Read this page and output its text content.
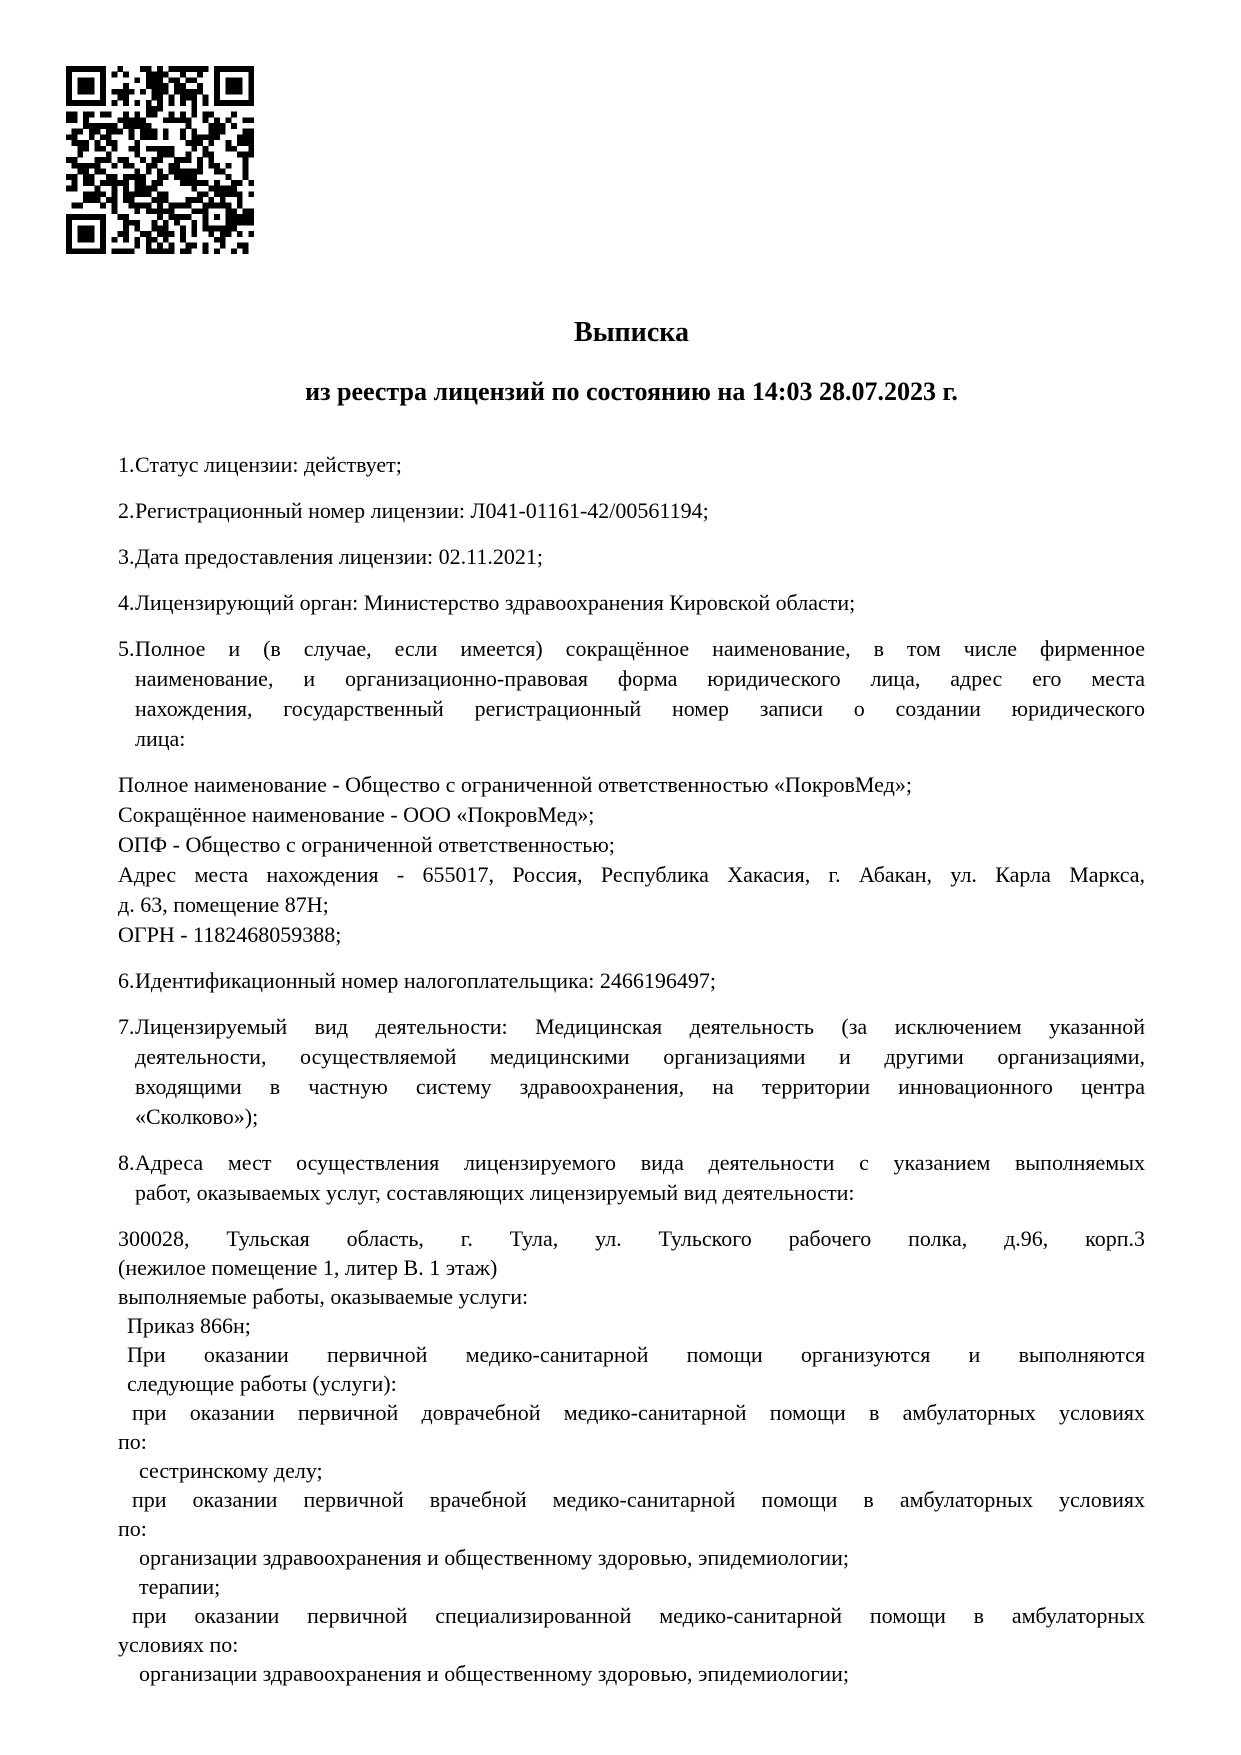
Выписка
из реестра лицензий по состоянию на 14:03 28.07.2023 г.

1.Статус лицензии: действует;

2.Регистрационный номер лицензии: Л041-01161-42/00561194;

3.Дата предоставления лицензии: 02.11.2021;

4.Лицензирующий орган: Министерство здравоохранения Кировской области;

5.Полное и (в случае, если имеется) сокращённое наименование, в том числе фирменное

наименование, и организационно-правовая форма юридического лица, адрес его места

нахождения, государственный регистрационный номер записи о создании юридического

лица:

Полное наименование - Общество с ограниченной ответственностью «ПокровМед»;

Сокращённое наименование - ООО «ПокровМед»;

ОПФ - Общество с ограниченной ответственностью;

Адрес места нахождения - 655017, Россия, Республика Хакасия, г. Абакан, ул. Карла Маркса,

д. 63, помещение 87Н;

ОГРН - 1182468059388;

6.Идентификационный номер налогоплательщика: 2466196497;

7.Лицензируемый вид деятельности: Медицинская деятельность (за исключением указанной

деятельности, осуществляемой медицинскими организациями и другими организациями,

входящими в частную систему здравоохранения, на территории инновационного центра

«Сколково»);

8.Адреса мест осуществления лицензируемого вида деятельности с указанием выполняемых

работ, оказываемых услуг, составляющих лицензируемый вид деятельности:

300028, Тульская область, г. Тула, ул. Тульского рабочего полка, д.96, корп.3

(нежилое помещение 1, литер В. 1 этаж)

выполняемые работы, оказываемые услуги:

Приказ 866н;

При оказании первичной медико-санитарной помощи организуются и выполняются

следующие работы (услуги):

при оказании первичной доврачебной медико-санитарной помощи в амбулаторных условиях

по:

сестринскому делу;

при оказании первичной врачебной медико-санитарной помощи в амбулаторных условиях

по:

организации здравоохранения и общественному здоровью, эпидемиологии;

терапии;

при оказании первичной специализированной медико-санитарной помощи в амбулаторных

условиях по:

организации здравоохранения и общественному здоровью, эпидемиологии;
